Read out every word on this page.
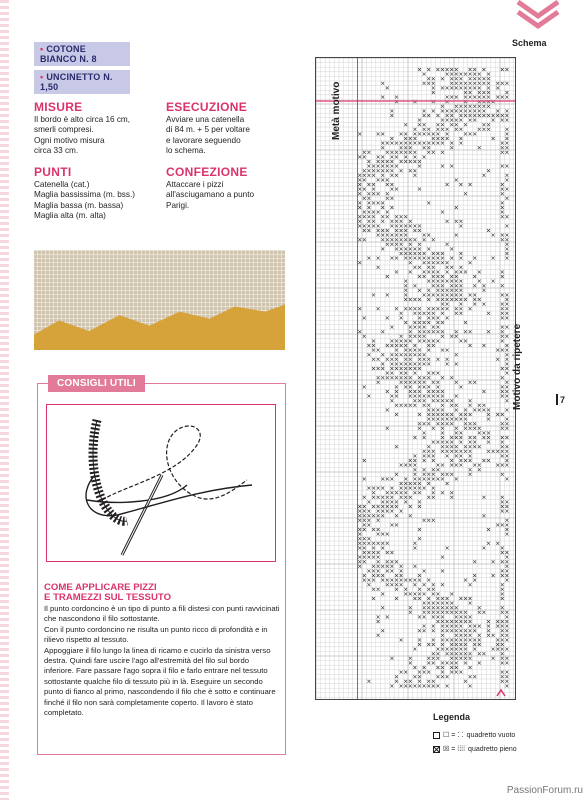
• COTONE BIANCO N. 8
• UNCINETTO N. 1,50
MISURE

Il bordo è alto circa 16 cm,
smerli compresi.
Ogni motivo misura
circa 33 cm.

ESECUZIONE

Avviare una catenella
di 84 m. + 5 per voltare
e lavorare seguendo
lo schema.

PUNTI

Catenella (cat.)
Maglia bassissima (m. bss.)
Maglia bassa (m. bassa)
Maglia alta (m. alta)

CONFEZIONE

Attaccare i pizzi
all'asciugamano a punto
Parigi.

CONSIGLI UTILI
COME APPLICARE PIZZI
E TRAMEZZI SUL TESSUTO

Il punto cordoncino è un tipo di punto a fili distesi con punti ravvicinati che nascondono il filo sottostante.

Con il punto cordoncino ne risulta un punto ricco di profondità e in rilievo rispetto al tessuto.

Appoggiare il filo lungo la linea di ricamo e cucirlo da sinistra verso destra. Quindi fare uscire l'ago all'estremità del filo sul bordo inferiore. Fare passare l'ago sopra il filo e farlo entrare nel tessuto sottostante qualche filo di tessuto più in là. Eseguire un secondo punto di fianco al primo, nascondendo il filo che è sotto e continuare finché il filo non sarà completamente coperto. Il lavoro è stato completato.

Schema
Metà motivo
Motivo da ripetere	7
Legenda
☐ = ⁚ ⁚ quadretto vuoto
☒ = ⁞⁞⁞⁞ quadretto pieno
PassionForum.ru
